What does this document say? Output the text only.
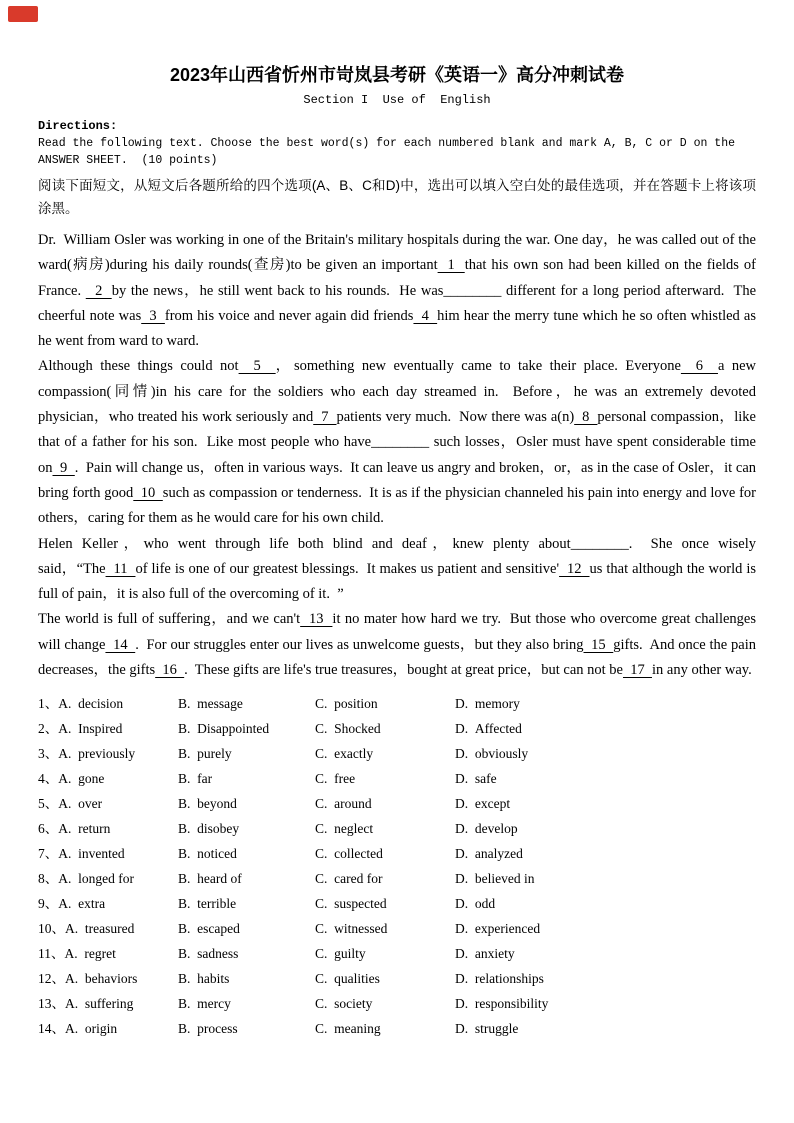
2023年山西省忻州市岢岚县考研《英语一》高分冲刺试卷
Section I  Use of  English
Directions:
Read the following text. Choose the best word(s) for each numbered blank and mark A, B, C or D on the
ANSWER SHEET.  (10 points)
阅读下面短文，从短文后各题所给的四个选项(A、B、C和D)中，选出可以填入空白处的最佳选项，并在答题卡上将该项涂黑。

Dr.  William Osler was working in one of the Britain's military hospitals during the war. One day，he was called out of the ward(病房)during his daily rounds(查房)to be given an important  1  that his own son had been killed on the fields of France.   2  by the news，he still went back to his rounds.  He was________ different for a long period afterward.  The cheerful note was  3  from his voice and never again did friends  4  him hear the merry tune which he so often whistled as he went from ward to ward.

Although these things could not  5  ，something new eventually came to take their place. Everyone  6  a new compassion(同情)in his care for the soldiers who each day streamed in.  Before，he was an extremely devoted physician，who treated his work seriously and  7  patients very much.  Now there was a(n)  8  personal compassion，like that of a father for his son.  Like most people who have________ such losses，Osler must have spent considerable time on  9  .  Pain will change us，often in various ways.  It can leave us angry and broken，or，as in the case of Osler，it can bring forth good  10  such as compassion or tenderness.  It is as if the physician channeled his pain into energy and love for others，caring for them as he would care for his own child.

Helen Keller，who went through life both blind and deaf，knew plenty about________.  She once wisely said，“The  11  of life is one of our greatest blessings.  It makes us patient and sensitive'  12  us that although the world is full of pain，it is also full of the overcoming of it.  ”

The world is full of suffering，and we can't  13  it no mater how hard we try.  But those who overcome great challenges will change  14  .  For our struggles enter our lives as unwelcome guests，but they also bring  15  gifts.  And once the pain decreases，the gifts  16  .  These gifts are life's true treasures，bought at great price，but can not be  17  in any other way.

1、A.  decision	B.  message	C.  position	D.  memory
2、A.  Inspired	B.  Disappointed	C.  Shocked	D.  Affected
3、A.  previously	B.  purely	C.  exactly	D.  obviously
4、A.  gone	B.  far	C.  free	D.  safe
5、A.  over	B.  beyond	C.  around	D.  except
6、A.  return	B.  disobey	C.  neglect	D.  develop
7、A.  invented	B.  noticed	C.  collected	D.  analyzed
8、A.  longed for	B.  heard of	C.  cared for	D.  believed in
9、A.  extra	B.  terrible	C.  suspected	D.  odd
10、A.  treasured	B.  escaped	C.  witnessed	D.  experienced
11、A.  regret	B.  sadness	C.  guilty	D.  anxiety
12、A.  behaviors	B.  habits	C.  qualities	D.  relationships
13、A.  suffering	B.  mercy	C.  society	D.  responsibility
14、A.  origin	B.  process	C.  meaning	D.  struggle
